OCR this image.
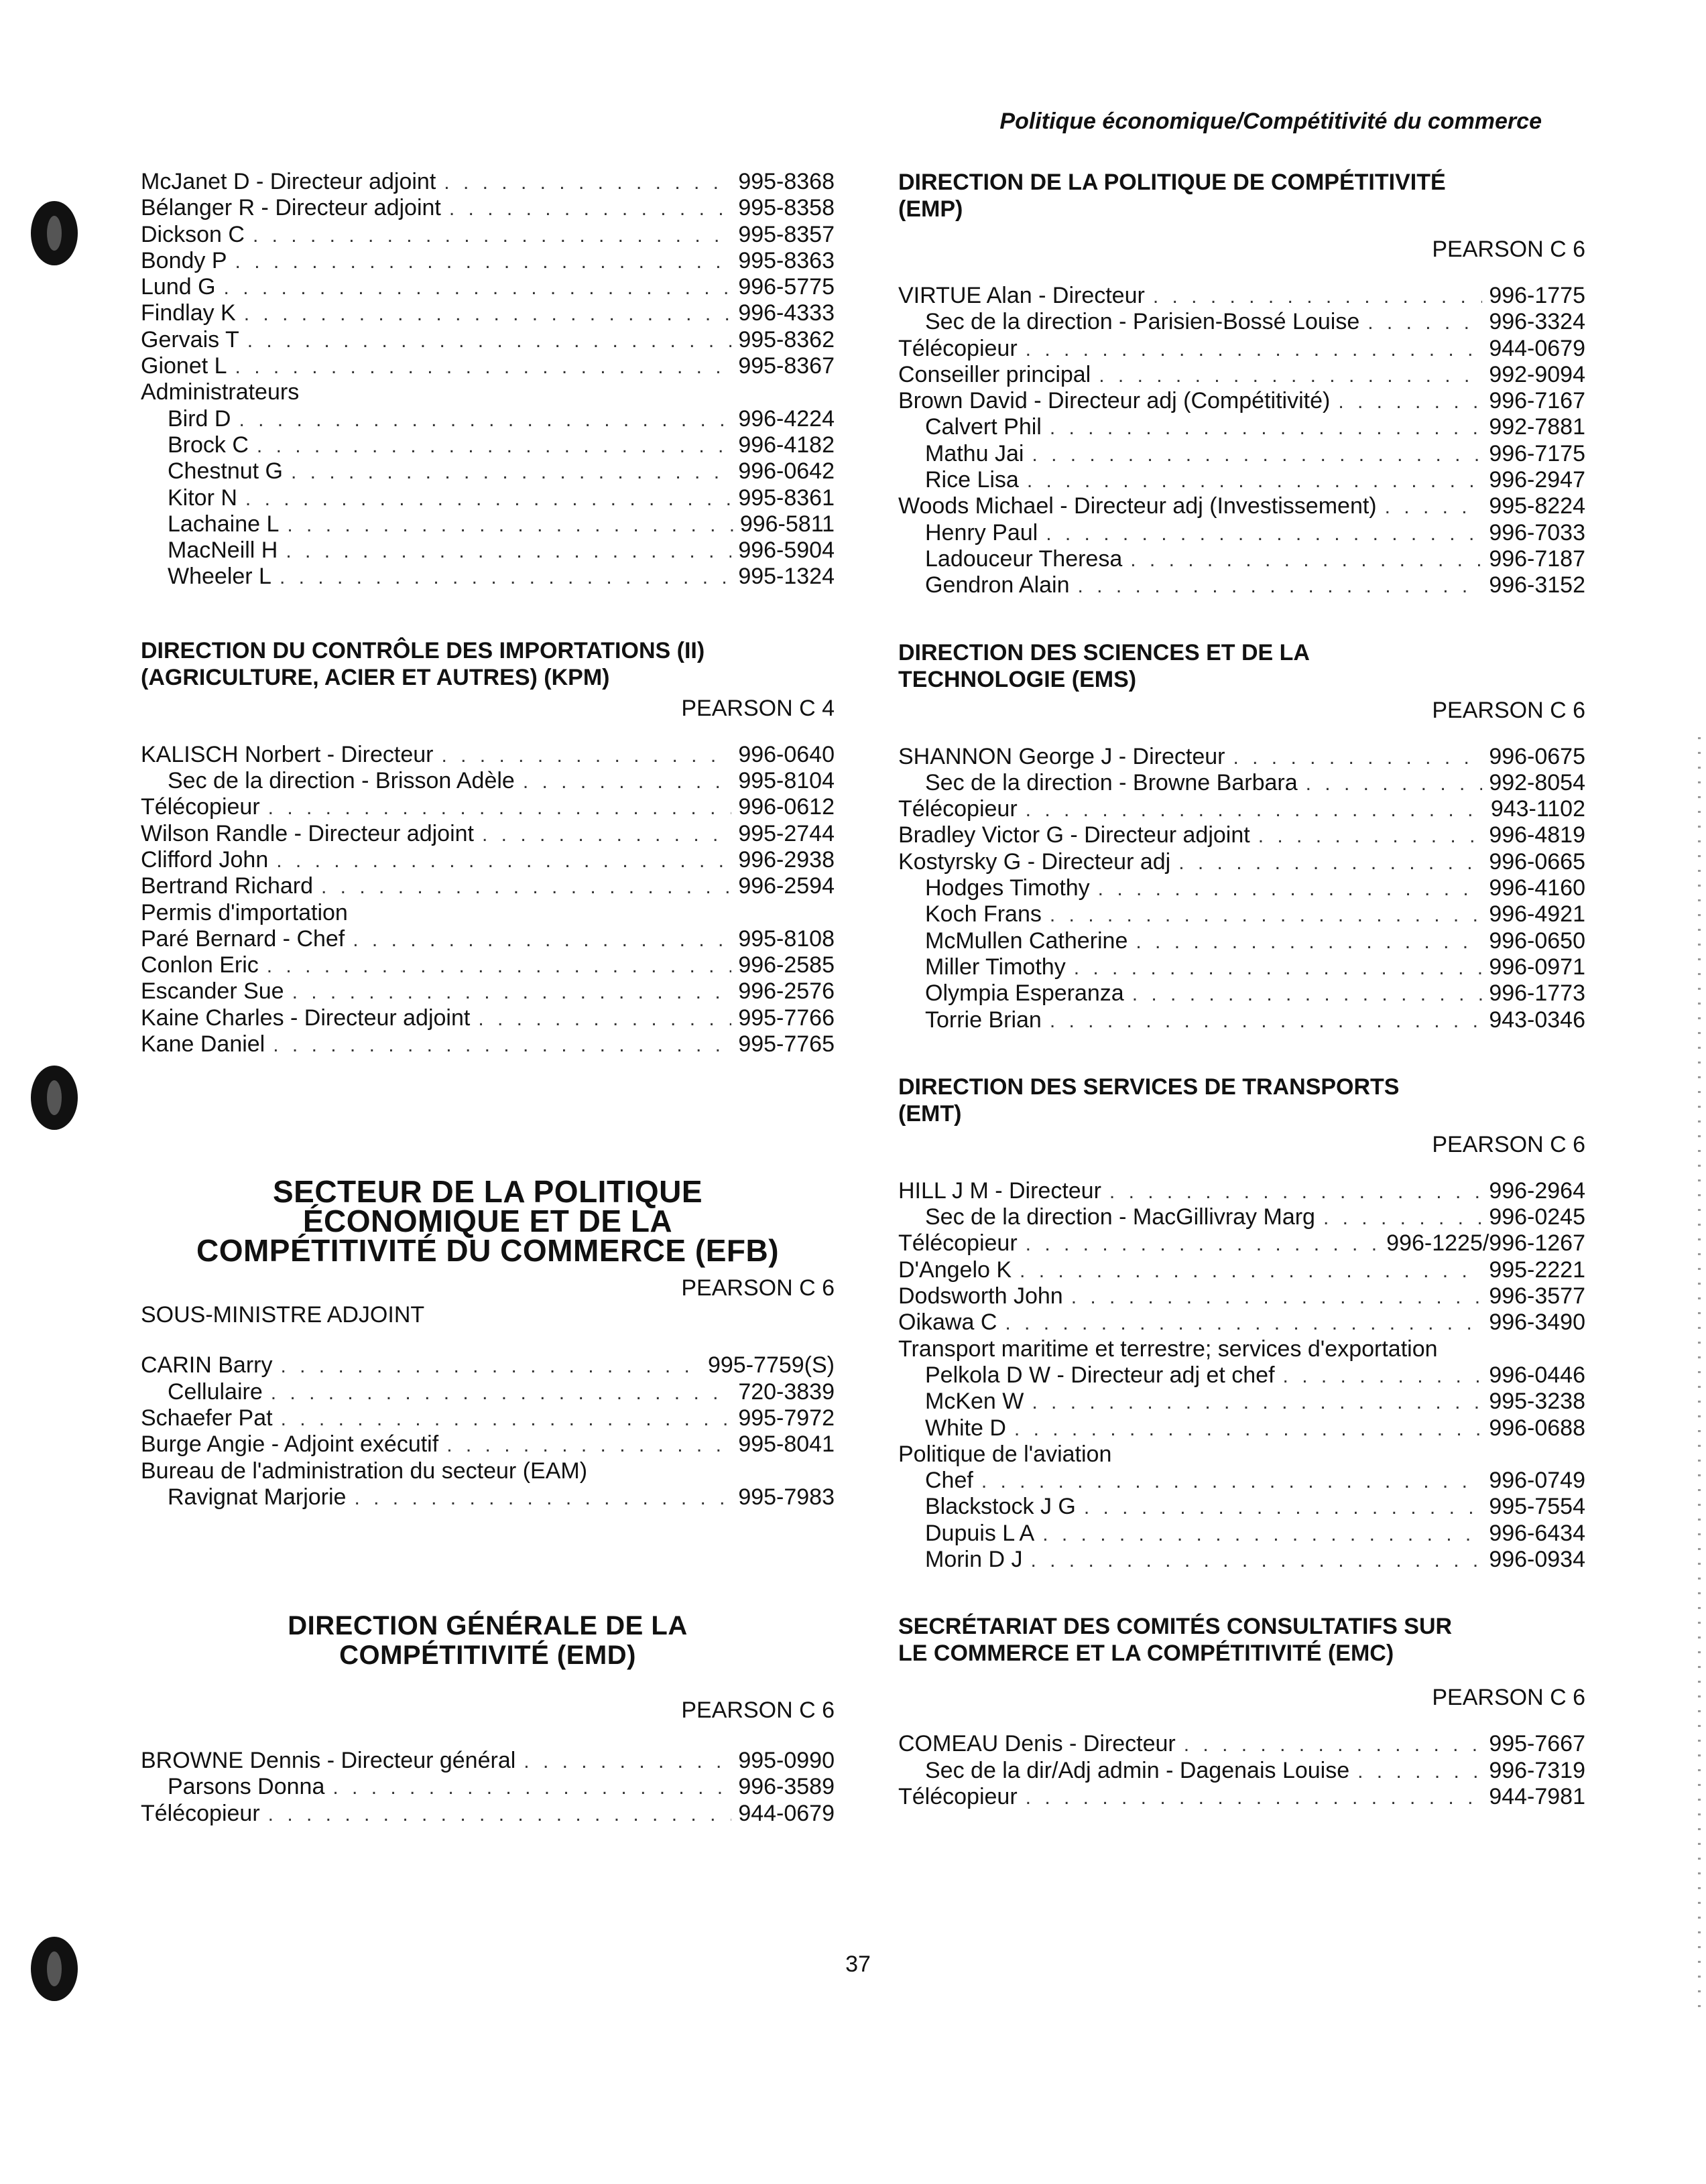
Politique économique/Compétitivité du commerce
McJanet D - Directeur adjoint . . .	995-8368
Bélanger R - Directeur adjoint . . .	995-8358
Dickson C . . .	995-8357
Bondy P . . .	995-8363
Lund G . . .	996-5775
Findlay K . . .	996-4333
Gervais T . . .	995-8362
Gionet L . . .	995-8367
Administrateurs
Bird D . . .	996-4224
Brock C . . .	996-4182
Chestnut G . . .	996-0642
Kitor N . . .	995-8361
Lachaine L . . .	996-5811
MacNeill H . . .	996-5904
Wheeler L . . .	995-1324
DIRECTION DU CONTRÔLE DES IMPORTATIONS (II)
(AGRICULTURE, ACIER ET AUTRES) (KPM)
PEARSON C 4
KALISCH Norbert - Directeur . . .	996-0640
Sec de la direction - Brisson Adèle . . .	995-8104
Télécopieur . . .	996-0612
Wilson Randle - Directeur adjoint . . .	995-2744
Clifford John . . .	996-2938
Bertrand Richard . . .	996-2594
Permis d'importation
Paré Bernard - Chef . . .	995-8108
Conlon Eric . . .	996-2585
Escander Sue . . .	996-2576
Kaine Charles - Directeur adjoint . . .	995-7766
Kane Daniel . . .	995-7765
SECTEUR DE LA POLITIQUE
ÉCONOMIQUE ET DE LA
COMPÉTITIVITÉ DU COMMERCE (EFB)
PEARSON C 6
SOUS-MINISTRE ADJOINT
CARIN Barry . . .	995-7759(S)
Cellulaire . . .	720-3839
Schaefer Pat . . .	995-7972
Burge Angie - Adjoint exécutif . . .	995-8041
Bureau de l'administration du secteur (EAM)
Ravignat Marjorie . . .	995-7983
DIRECTION GÉNÉRALE DE LA
COMPÉTITIVITÉ (EMD)
PEARSON C 6
BROWNE Dennis - Directeur général . . .	995-0990
Parsons Donna . . .	996-3589
Télécopieur . . .	944-0679
DIRECTION DE LA POLITIQUE DE COMPÉTITIVITÉ
(EMP)
PEARSON C 6
VIRTUE Alan - Directeur . . .	996-1775
Sec de la direction - Parisien-Bossé Louise . . .	996-3324
Télécopieur . . .	944-0679
Conseiller principal . . .	992-9094
Brown David - Directeur adj (Compétitivité) . . .	996-7167
Calvert Phil . . .	992-7881
Mathu Jai . . .	996-7175
Rice Lisa . . .	996-2947
Woods Michael - Directeur adj (Investissement) . . .	995-8224
Henry Paul . . .	996-7033
Ladouceur Theresa . . .	996-7187
Gendron Alain . . .	996-3152
DIRECTION DES SCIENCES ET DE LA
TECHNOLOGIE (EMS)
PEARSON C 6
SHANNON George J - Directeur . . .	996-0675
Sec de la direction - Browne Barbara . . .	992-8054
Télécopieur . . .	943-1102
Bradley Victor G - Directeur adjoint . . .	996-4819
Kostyrsky G - Directeur adj . . .	996-0665
Hodges Timothy . . .	996-4160
Koch Frans . . .	996-4921
McMullen Catherine . . .	996-0650
Miller Timothy . . .	996-0971
Olympia Esperanza . . .	996-1773
Torrie Brian . . .	943-0346
DIRECTION DES SERVICES DE TRANSPORTS
(EMT)
PEARSON C 6
HILL J M - Directeur . . .	996-2964
Sec de la direction - MacGillivray Marg . . .	996-0245
Télécopieur . . .	996-1225/996-1267
D'Angelo K . . .	995-2221
Dodsworth John . . .	996-3577
Oikawa C . . .	996-3490
Transport maritime et terrestre; services d'exportation
Pelkola D W - Directeur adj et chef . . .	996-0446
McKen W . . .	995-3238
White D . . .	996-0688
Politique de l'aviation
Chef . . .	996-0749
Blackstock J G . . .	995-7554
Dupuis L A . . .	996-6434
Morin D J . . .	996-0934
SECRÉTARIAT DES COMITÉS CONSULTATIFS SUR
LE COMMERCE ET LA COMPÉTITIVITÉ (EMC)
PEARSON C 6
COMEAU Denis - Directeur . . .	995-7667
Sec de la dir/Adj admin - Dagenais Louise . . .	996-7319
Télécopieur . . .	944-7981
37
